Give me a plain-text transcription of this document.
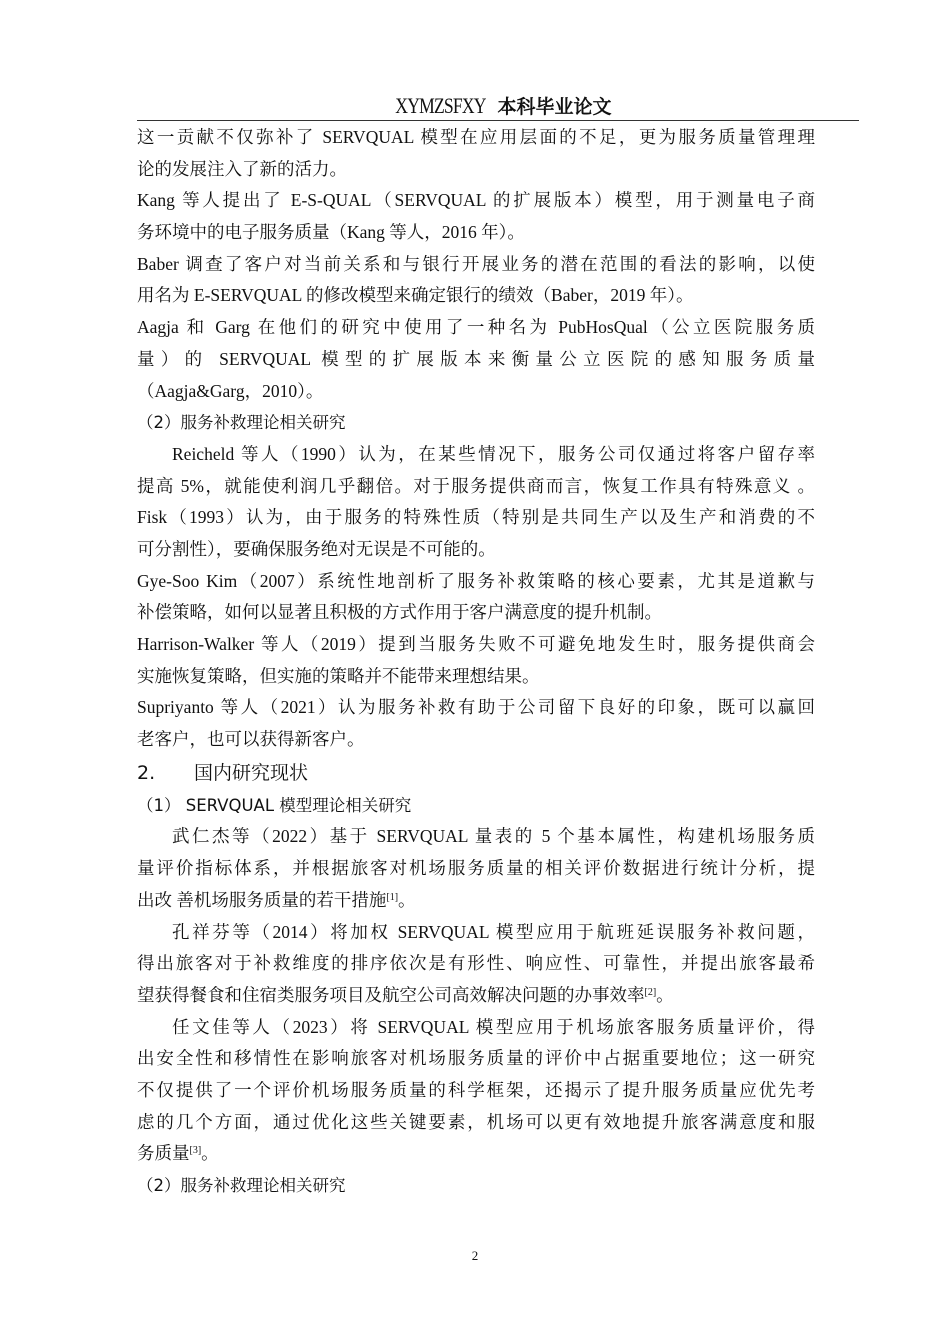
XYMZSFXY 本科毕业论文
这一贡献不仅弥补了 SERVQUAL 模型在应用层面的不足，更为服务质量管理理
论的发展注入了新的活力。
Kang 等人提出了 E-S-QUAL（SERVQUAL 的扩展版本）模型，用于测量电子商
务环境中的电子服务质量（Kang 等人，2016 年）。
Baber 调查了客户对当前关系和与银行开展业务的潜在范围的看法的影响，以使
用名为 E-SERVQUAL 的修改模型来确定银行的绩效（Baber，2019 年）。
Aagja 和 Garg 在他们的研究中使用了一种名为 PubHosQual（公立医院服务质
量）的 SERVQUAL 模型的扩展版本来衡量公立医院的感知服务质量
（Aagja&Garg，2010）。
（2）服务补救理论相关研究
Reicheld 等人（1990）认为，在某些情况下，服务公司仅通过将客户留存率
提高 5%，就能使利润几乎翻倍。对于服务提供商而言，恢复工作具有特殊意义 。
Fisk（1993）认为，由于服务的特殊性质（特别是共同生产以及生产和消费的不
可分割性），要确保服务绝对无误是不可能的。
Gye-Soo Kim（2007）系统性地剖析了服务补救策略的核心要素，尤其是道歉与
补偿策略，如何以显著且积极的方式作用于客户满意度的提升机制。
Harrison-Walker 等人（2019）提到当服务失败不可避免地发生时，服务提供商会
实施恢复策略，但实施的策略并不能带来理想结果。
Supriyanto 等人（2021）认为服务补救有助于公司留下良好的印象，既可以赢回
老客户，也可以获得新客户。
2. 国内研究现状
（1） SERVQUAL 模型理论相关研究
武仁杰等（2022）基于 SERVQUAL 量表的 5 个基本属性，构建机场服务质
量评价指标体系，并根据旅客对机场服务质量的相关评价数据进行统计分析，提
出改 善机场服务质量的若干措施[1]。
孔祥芬等（2014）将加权 SERVQUAL 模型应用于航班延误服务补救问题，
得出旅客对于补救维度的排序依次是有形性、响应性、可靠性，并提出旅客最希
望获得餐食和住宿类服务项目及航空公司高效解决问题的办事效率[2]。
任文佳等人（2023）将 SERVQUAL 模型应用于机场旅客服务质量评价，得
出安全性和移情性在影响旅客对机场服务质量的评价中占据重要地位；这一研究
不仅提供了一个评价机场服务质量的科学框架，还揭示了提升服务质量应优先考
虑的几个方面，通过优化这些关键要素，机场可以更有效地提升旅客满意度和服
务质量[3]。
（2）服务补救理论相关研究
2
